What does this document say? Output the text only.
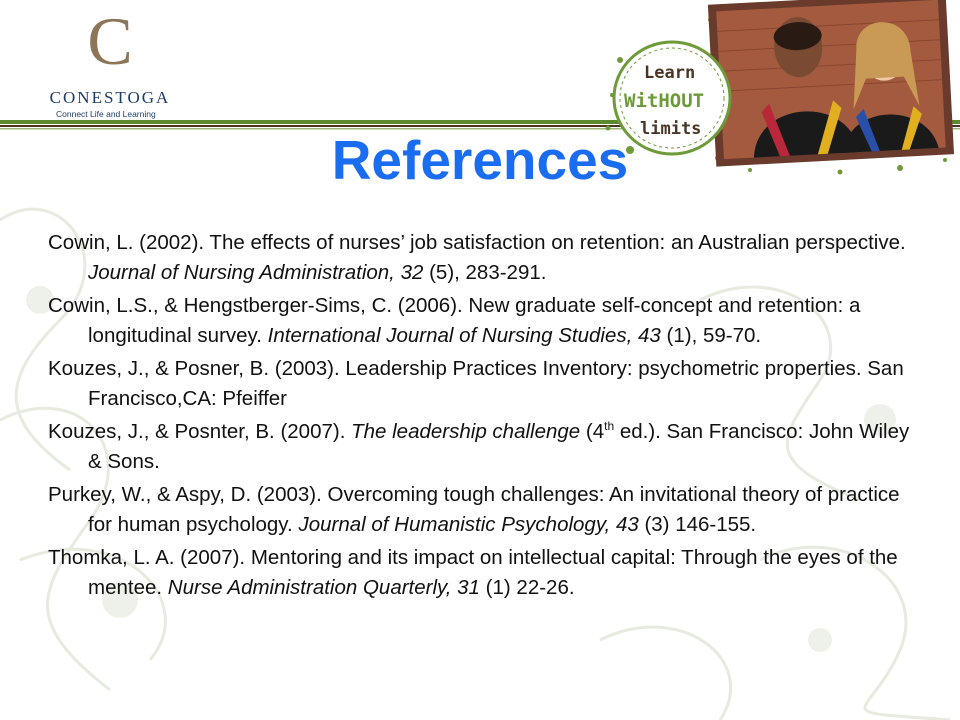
C
CONESTOGA
Connect Life and Learning
Learn
WitHOUT
limits
References
Cowin, L. (2002). The effects of nurses’ job satisfaction on retention: an Australian perspective. Journal of Nursing Administration, 32 (5), 283-291.
Cowin, L.S., & Hengstberger-Sims, C. (2006). New graduate self-concept and retention: a longitudinal survey. International Journal of Nursing Studies, 43 (1), 59-70.
Kouzes, J., & Posner, B. (2003). Leadership Practices Inventory: psychometric properties. San Francisco,CA: Pfeiffer
Kouzes, J., & Posnter, B. (2007). The leadership challenge (4th ed.). San Francisco: John Wiley & Sons.
Purkey, W., & Aspy, D. (2003). Overcoming tough challenges: An invitational theory of practice for human psychology. Journal of Humanistic Psychology, 43 (3) 146-155.
Thomka, L. A. (2007). Mentoring and its impact on intellectual capital: Through the eyes of the mentee. Nurse Administration Quarterly, 31 (1) 22-26.
